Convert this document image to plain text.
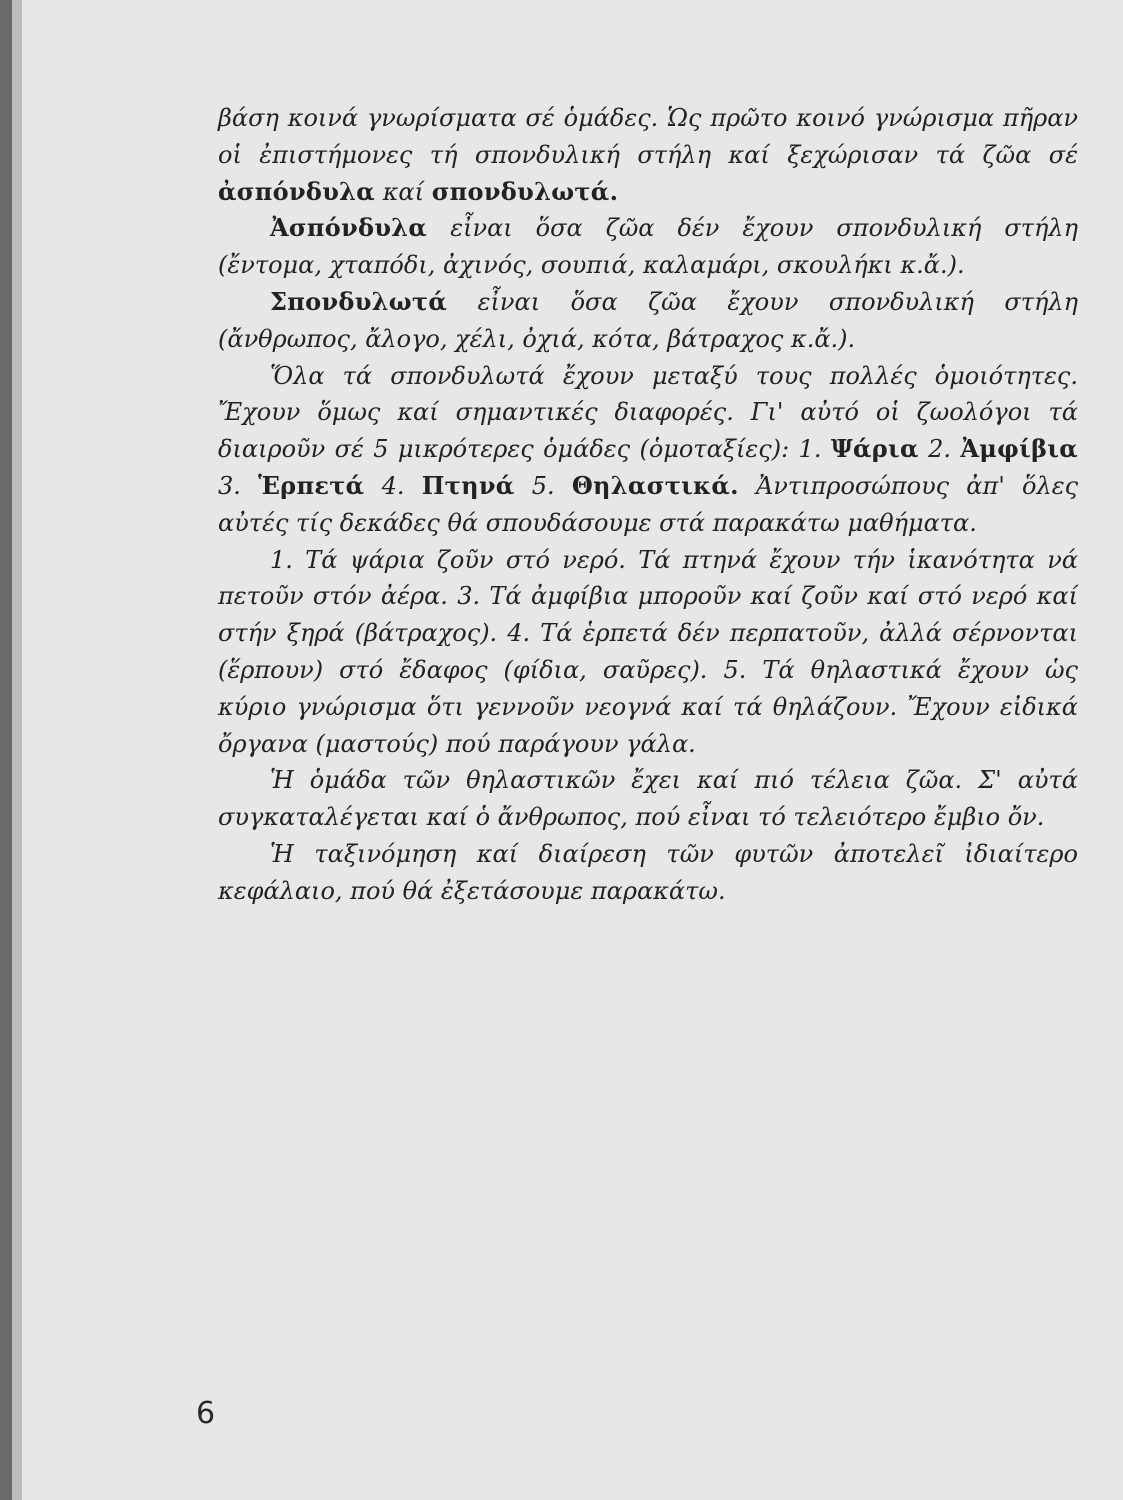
βάση κοινά γνωρίσματα σέ ὁμάδες. Ὡς πρῶτο κοινό γνώρισμα πῆραν οἱ ἐπιστήμονες τή σπονδυλική στήλη καί ξεχώρισαν τά ζῶα σέ ἀσπόνδυλα καί σπονδυλωτά.

Ἀσπόνδυλα εἶναι ὅσα ζῶα δέν ἔχουν σπονδυλική στήλη (ἔντομα, χταπόδι, ἀχινός, σουπιά, καλαμάρι, σκουλήκι κ.ἄ.).

Σπονδυλωτά εἶναι ὅσα ζῶα ἔχουν σπονδυλική στήλη (ἄνθρωπος, ἄλογο, χέλι, ὀχιά, κότα, βάτραχος κ.ἄ.).

Ὅλα τά σπονδυλωτά ἔχουν μεταξύ τους πολλές ὁμοιότητες. Ἔχουν ὅμως καί σημαντικές διαφορές. Γι' αὐτό οἱ ζωολόγοι τά διαιροῦν σέ 5 μικρότερες ὁμάδες (ὁμοταξίες): 1. Ψάρια 2. Ἀμφίβια 3. Ἑρπετά 4. Πτηνά 5. Θηλαστικά. Ἀντιπροσώπους ἀπ' ὅλες αὐτές τίς δεκάδες θά σπουδάσουμε στά παρακάτω μαθήματα.

1. Τά ψάρια ζοῦν στό νερό. Τά πτηνά ἔχουν τήν ἱκανότητα νά πετοῦν στόν ἀέρα. 3. Τά ἀμφίβια μποροῦν καί ζοῦν καί στό νερό καί στήν ξηρά (βάτραχος). 4. Τά ἑρπετά δέν περπατοῦν, ἀλλά σέρνονται (ἕρπουν) στό ἔδαφος (φίδια, σαῦρες). 5. Τά θηλαστικά ἔχουν ὡς κύριο γνώρισμα ὅτι γεννοῦν νεογνά καί τά θηλάζουν. Ἔχουν εἰδικά ὄργανα (μαστούς) πού παράγουν γάλα.

Ἡ ὁμάδα τῶν θηλαστικῶν ἔχει καί πιό τέλεια ζῶα. Σ' αὐτά συγκαταλέγεται καί ὁ ἄνθρωπος, πού εἶναι τό τελειότερο ἔμβιο ὄν.

Ἡ ταξινόμηση καί διαίρεση τῶν φυτῶν ἀποτελεῖ ἰδιαίτερο κεφάλαιο, πού θά ἐξετάσουμε παρακάτω.

6
